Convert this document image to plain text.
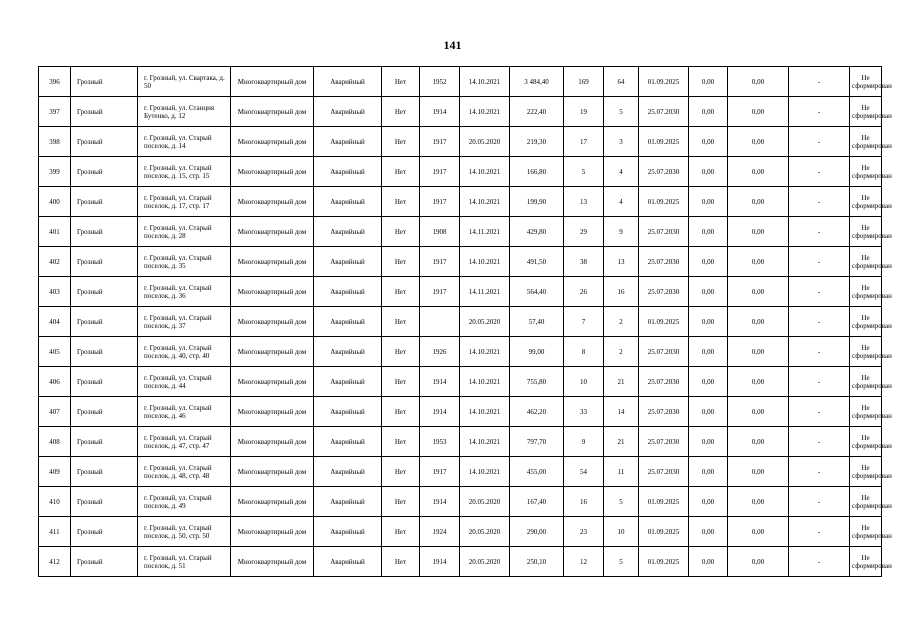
141
396	Грозный	г. Грозный, ул. Свартака, д. 50	Многоквартирный дом	Аварийный	Нет	1952	14.10.2021	3 484,40	169	64	01.09.2025	0,00	0,00	-	Не сформирован
397	Грозный	г. Грозный, ул. Станция Бутенко, д. 12	Многоквартирный дом	Аварийный	Нет	1914	14.10.2021	222,40	19	5	25.07.2030	0,00	0,00	-	Не сформирован
398	Грозный	г. Грозный, ул. Старый поселок, д. 14	Многоквартирный дом	Аварийный	Нет	1917	20.05.2020	219,30	17	3	01.09.2025	0,00	0,00	-	Не сформирован
399	Грозный	г. Грозный, ул. Старый поселок, д. 15, стр. 15	Многоквартирный дом	Аварийный	Нет	1917	14.10.2021	166,80	5	4	25.07.2030	0,00	0,00	-	Не сформирован
400	Грозный	г. Грозный, ул. Старый поселок, д. 17, стр. 17	Многоквартирный дом	Аварийный	Нет	1917	14.10.2021	199,90	13	4	01.09.2025	0,00	0,00	-	Не сформирован
401	Грозный	г. Грозный, ул. Старый поселок, д. 28	Многоквартирный дом	Аварийный	Нет	1908	14.11.2021	429,80	29	9	25.07.2030	0,00	0,00	-	Не сформирован
402	Грозный	г. Грозный, ул. Старый поселок, д. 35	Многоквартирный дом	Аварийный	Нет	1917	14.10.2021	491,50	38	13	25.07.2030	0,00	0,00	-	Не сформирован
403	Грозный	г. Грозный, ул. Старый поселок, д. 36	Многоквартирный дом	Аварийный	Нет	1917	14.11.2021	564,40	26	16	25.07.2030	0,00	0,00	-	Не сформирован
404	Грозный	г. Грозный, ул. Старый поселок, д. 37	Многоквартирный дом	Аварийный	Нет		20.05.2020	57,40	7	2	01.09.2025	0,00	0,00	-	Не сформирован
405	Грозный	г. Грозный, ул. Старый поселок, д. 40, стр. 40	Многоквартирный дом	Аварийный	Нет	1926	14.10.2021	99,00	8	2	25.07.2030	0,00	0,00	-	Не сформирован
406	Грозный	г. Грозный, ул. Старый поселок, д. 44	Многоквартирный дом	Аварийный	Нет	1914	14.10.2021	755,80	10	21	25.07.2030	0,00	0,00	-	Не сформирован
407	Грозный	г. Грозный, ул. Старый поселок, д. 46	Многоквартирный дом	Аварийный	Нет	1914	14.10.2021	462,20	33	14	25.07.2030	0,00	0,00	-	Не сформирован
408	Грозный	г. Грозный, ул. Старый поселок, д. 47, стр. 47	Многоквартирный дом	Аварийный	Нет	1953	14.10.2021	797,70	9	21	25.07.2030	0,00	0,00	-	Не сформирован
409	Грозный	г. Грозный, ул. Старый поселок, д. 48, стр. 48	Многоквартирный дом	Аварийный	Нет	1917	14.10.2021	455,00	54	11	25.07.2030	0,00	0,00	-	Не сформирован
410	Грозный	г. Грозный, ул. Старый поселок, д. 49	Многоквартирный дом	Аварийный	Нет	1914	20.05.2020	167,40	16	5	01.09.2025	0,00	0,00	-	Не сформирован
411	Грозный	г. Грозный, ул. Старый поселок, д. 50, стр. 50	Многоквартирный дом	Аварийный	Нет	1924	20.05.2020	290,00	23	10	01.09.2025	0,00	0,00	-	Не сформирован
412	Грозный	г. Грозный, ул. Старый поселок, д. 51	Многоквартирный дом	Аварийный	Нет	1914	20.05.2020	250,10	12	5	01.09.2025	0,00	0,00	-	Не сформирован
